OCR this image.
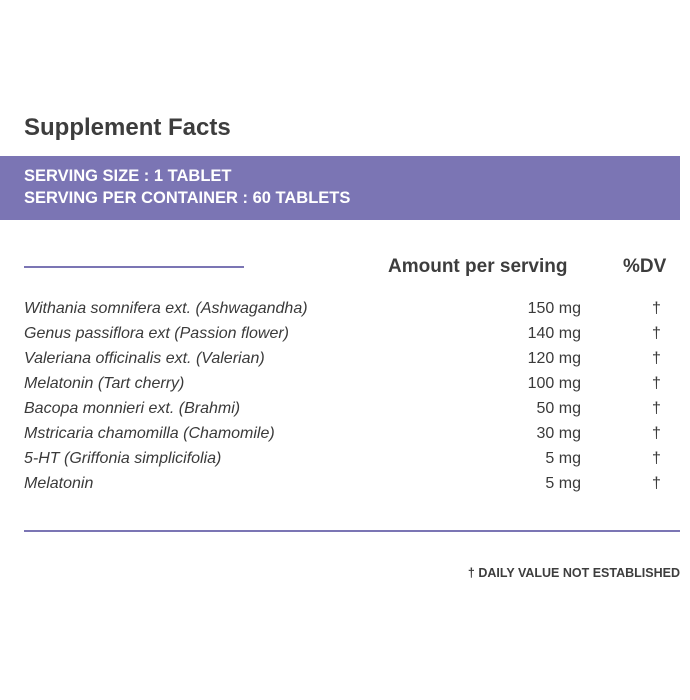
Supplement Facts
SERVING SIZE : 1 TABLET
SERVING PER CONTAINER : 60 TABLETS
Amount per serving	%DV
Withania somnifera ext. (Ashwagandha)	150 mg	†
Genus passiflora ext (Passion flower)	140 mg	†
Valeriana officinalis ext. (Valerian)	120 mg	†
Melatonin (Tart cherry)	100 mg	†
Bacopa monnieri ext. (Brahmi)	50 mg	†
Mstricaria chamomilla (Chamomile)	30 mg	†
5-HT (Griffonia simplicifolia)	5 mg	†
Melatonin	5 mg	†
† DAILY VALUE NOT ESTABLISHED
